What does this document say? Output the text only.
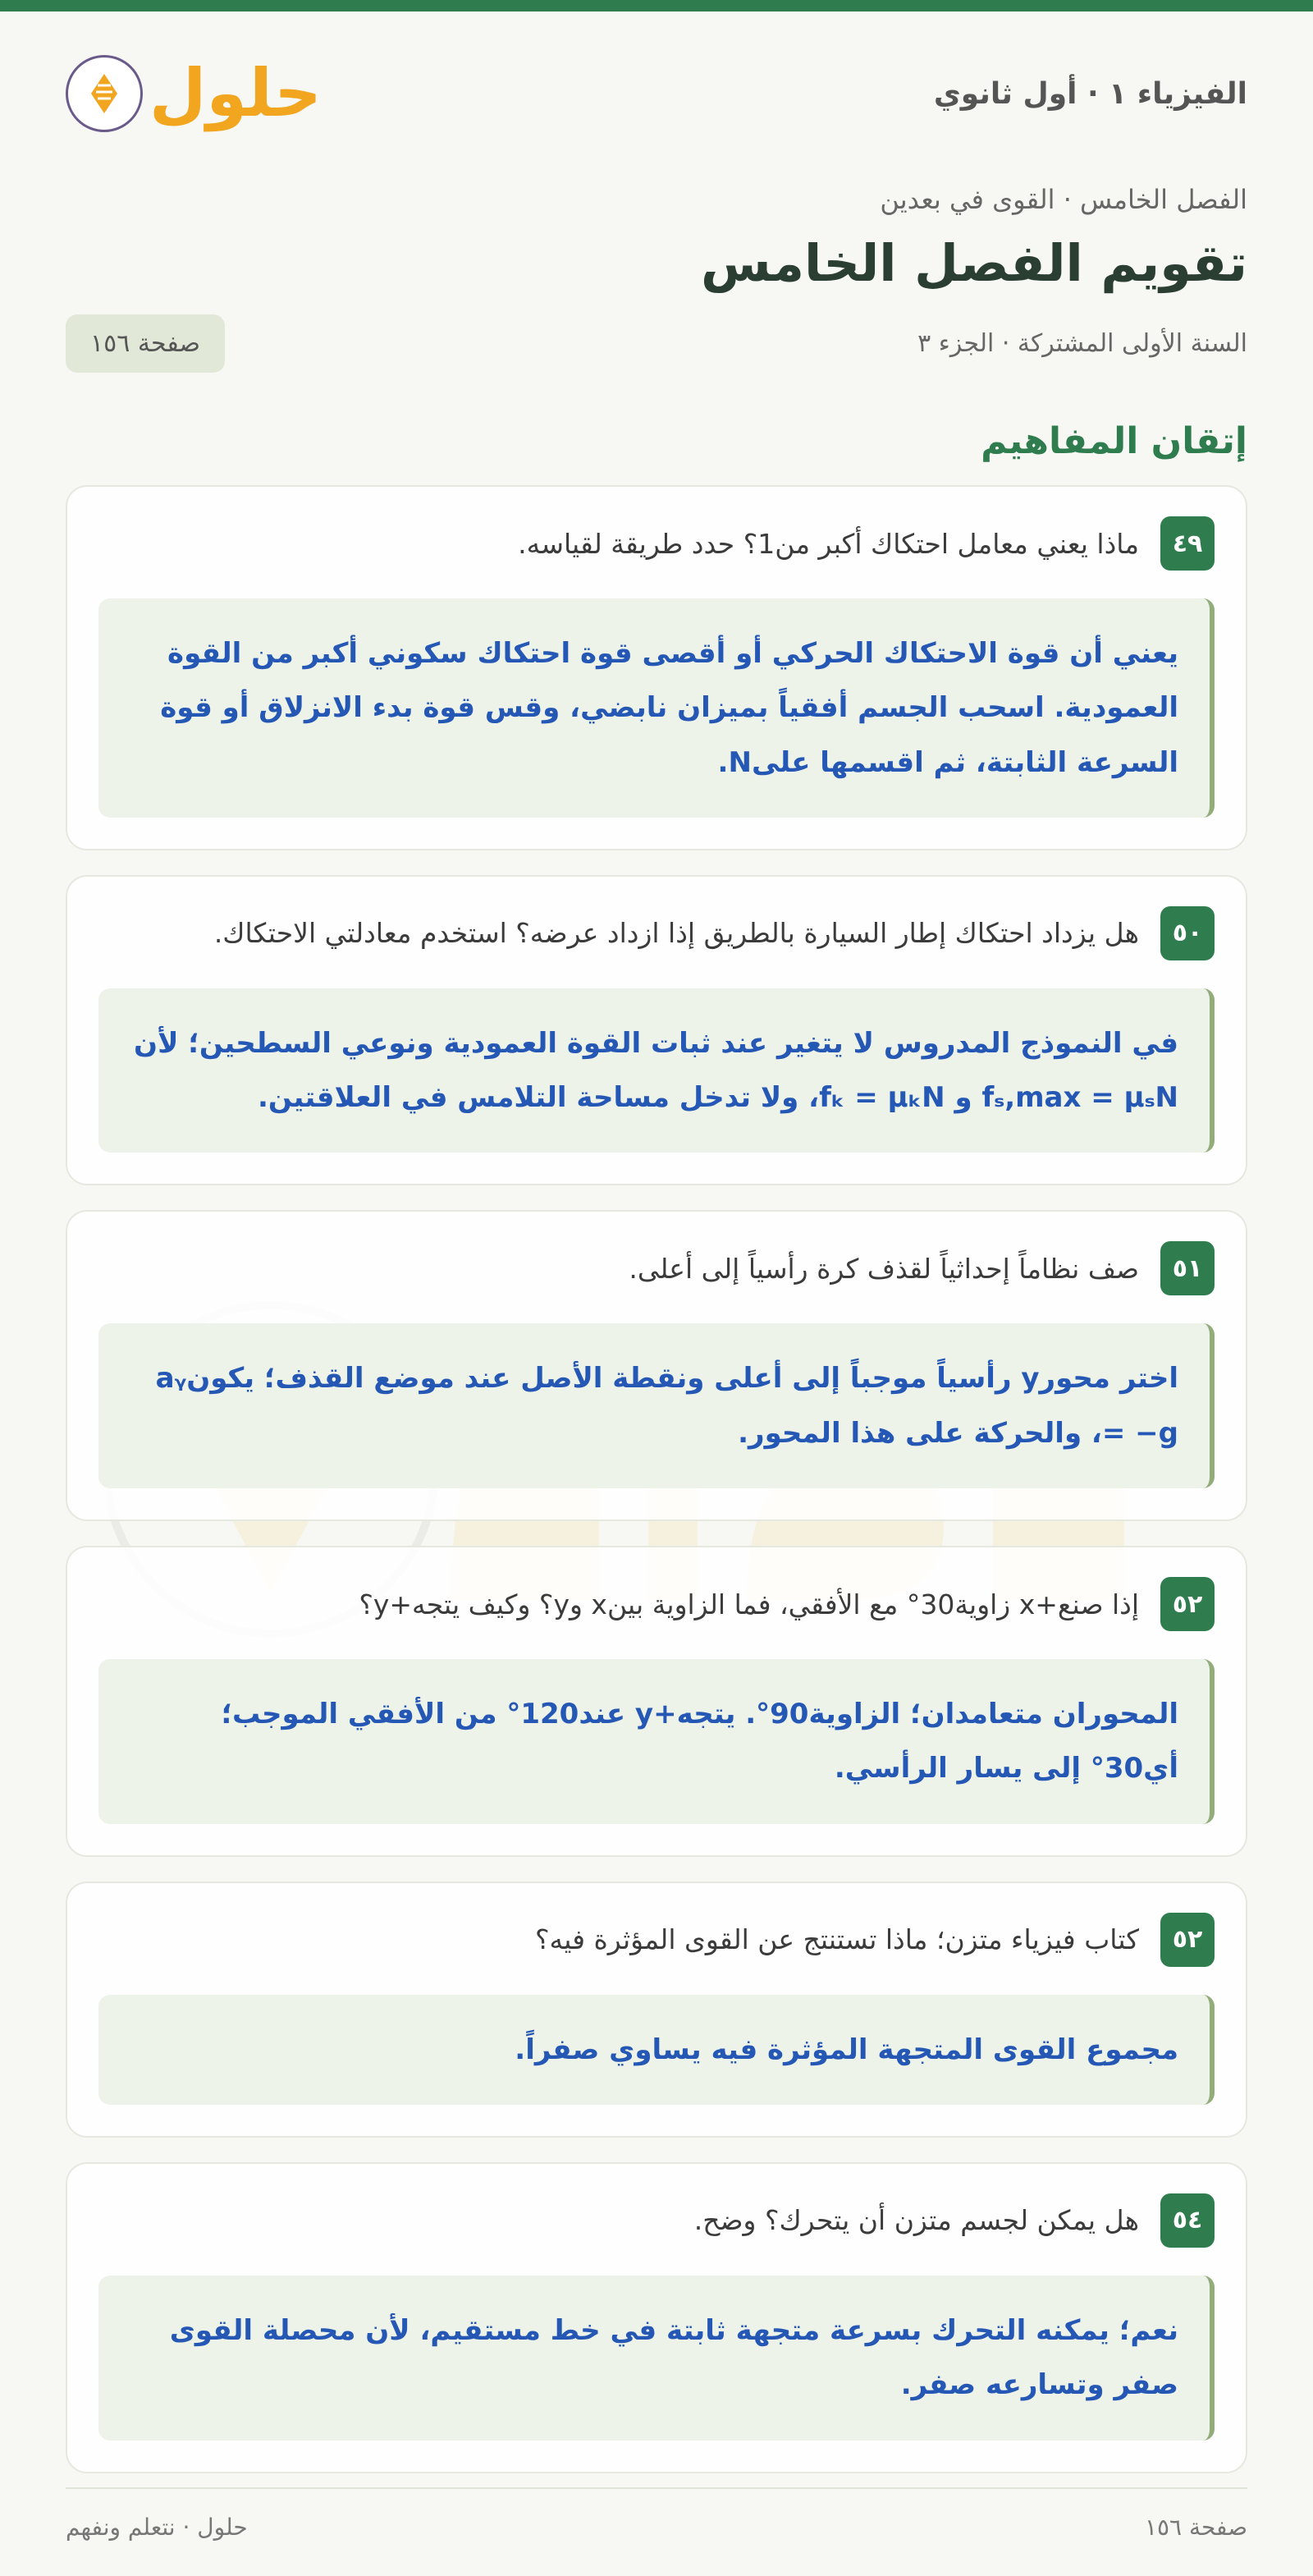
الفيزياء ١ · أول ثانوي
حلول
الفصل الخامس · القوى في بعدين
تقويم الفصل الخامس
السنة الأولى المشتركة · الجزء ٣
صفحة ١٥٦
إتقان المفاهيم
٤٩
ماذا يعني معامل احتكاك أكبر من1؟ حدد طريقة لقياسه.
يعني أن قوة الاحتكاك الحركي أو أقصى قوة احتكاك سكوني أكبر من القوة العمودية. اسحب الجسم أفقياً بميزان نابضي، وقس قوة بدء الانزلاق أو قوة السرعة الثابتة، ثم اقسمها علىN.
٥٠
هل يزداد احتكاك إطار السيارة بالطريق إذا ازداد عرضه؟ استخدم معادلتي الاحتكاك.
في النموذج المدروس لا يتغير عند ثبات القوة العمودية ونوعي السطحين؛ لأن fₛ,max = μₛN و fₖ = μₖN، ولا تدخل مساحة التلامس في العلاقتين.
٥١
صف نظاماً إحداثياً لقذف كرة رأسياً إلى أعلى.
اختر محورy رأسياً موجباً إلى أعلى ونقطة الأصل عند موضع القذف؛ يكونaᵧ = −g، والحركة على هذا المحور.
٥٢
إذا صنع+x زاوية30° مع الأفقي، فما الزاوية بينx وy؟ وكيف يتجه+y؟
المحوران متعامدان؛ الزاوية90°. يتجه+y عند120° من الأفقي الموجب؛ أي30° إلى يسار الرأسي.
٥٢
كتاب فيزياء متزن؛ ماذا تستنتج عن القوى المؤثرة فيه؟
مجموع القوى المتجهة المؤثرة فيه يساوي صفراً.
٥٤
هل يمكن لجسم متزن أن يتحرك؟ وضح.
نعم؛ يمكنه التحرك بسرعة متجهة ثابتة في خط مستقيم، لأن محصلة القوى صفر وتسارعه صفر.
صفحة ١٥٦
حلول · نتعلم ونفهم
